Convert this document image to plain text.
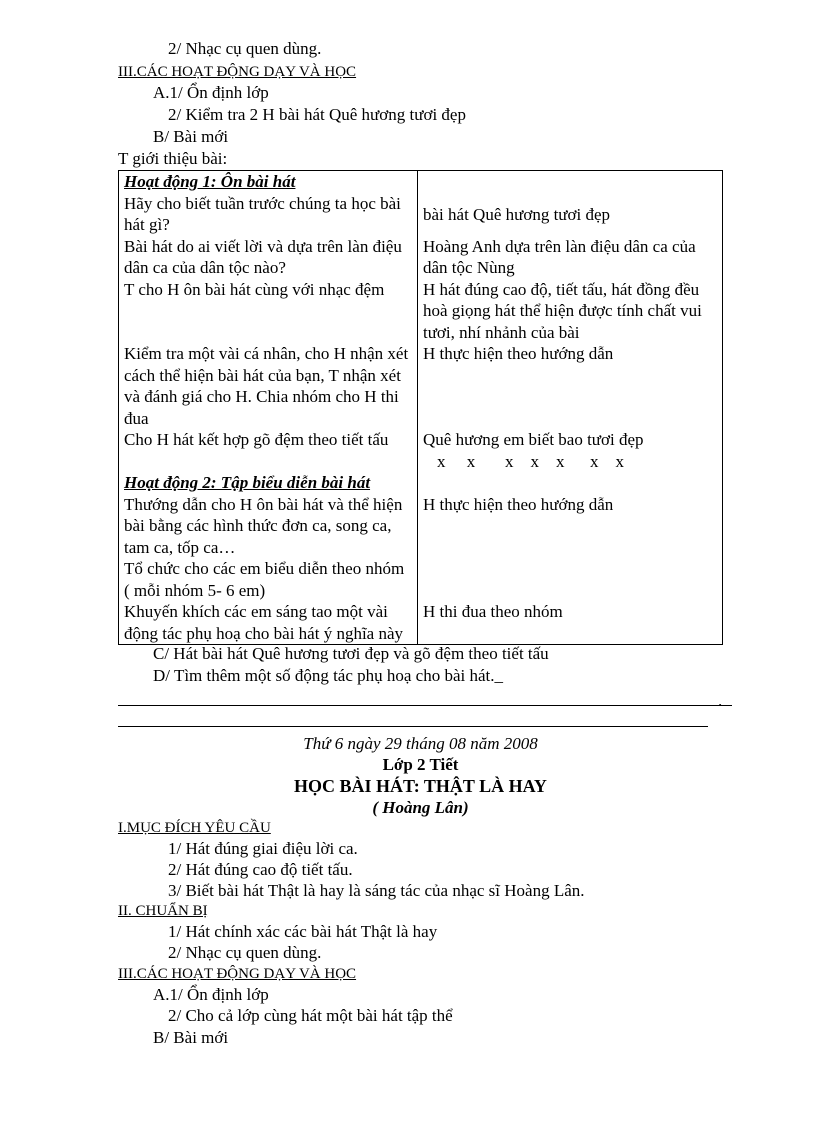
2/ Nhạc cụ quen dùng.
III.CÁC HOẠT ĐỘNG DẠY VÀ HỌC
A.1/ Ổn định lớp
2/ Kiểm tra 2 H bài hát Quê hương tươi đẹp
B/ Bài mới
T giới thiệu bài:
Hoạt động 1: Ôn bài hát	
Hãy cho biết tuần trước chúng ta học bài hát gì?	bài hát Quê hương tươi đẹp
Bài hát do ai viết lời và dựa trên làn điệu dân ca của dân tộc nào?	Hoàng Anh dựa trên làn điệu dân ca của dân tộc Nùng
T cho H ôn bài hát cùng với nhạc đệm	H hát đúng cao độ, tiết tấu, hát đồng đều hoà giọng hát thể hiện được tính chất vui tươi, nhí nhảnh của bài
Kiểm tra một vài cá nhân, cho H nhận xét cách thể hiện bài hát của bạn, T nhận xét và đánh giá cho H. Chia nhóm cho H thi đua	H thực hiện theo hướng dẫn
Cho H hát kết hợp gõ đệm theo tiết tấu	Quê hương em biết bao tươi đẹp
x     x       x    x    x      x    x

Hoạt động 2: Tập biểu diễn bài hát	
Thướng dẫn cho H ôn bài hát và thể hiện bài bằng các hình thức đơn ca, song ca, tam ca, tốp ca…	H thực hiện theo hướng dẫn
Tổ chức cho các em biểu diễn theo nhóm ( mỗi nhóm 5- 6 em)	
Khuyến khích các em sáng tao một vài động tác phụ hoạ cho bài hát ý nghĩa này	H thi đua theo nhóm
C/ Hát bài hát Quê hương tươi đẹp và gõ đệm theo tiết tấu
D/ Tìm thêm một số động tác phụ hoạ cho bài hát._
.
Thứ 6 ngày 29 tháng 08 năm 2008
Lớp 2 Tiết
HỌC BÀI HÁT: THẬT LÀ HAY
( Hoàng Lân)
I.MỤC ĐÍCH YÊU CẦU
1/ Hát đúng giai điệu lời ca.
2/ Hát đúng cao độ tiết tấu.
3/ Biết bài hát Thật là hay là sáng tác của nhạc sĩ Hoàng Lân.
II. CHUẨN BỊ
1/ Hát chính xác các bài hát Thật là hay
2/ Nhạc cụ quen dùng.
III.CÁC HOẠT ĐỘNG DẠY VÀ HỌC
A.1/ Ổn định lớp
2/ Cho cả lớp cùng hát một bài hát tập thể
B/ Bài mới
